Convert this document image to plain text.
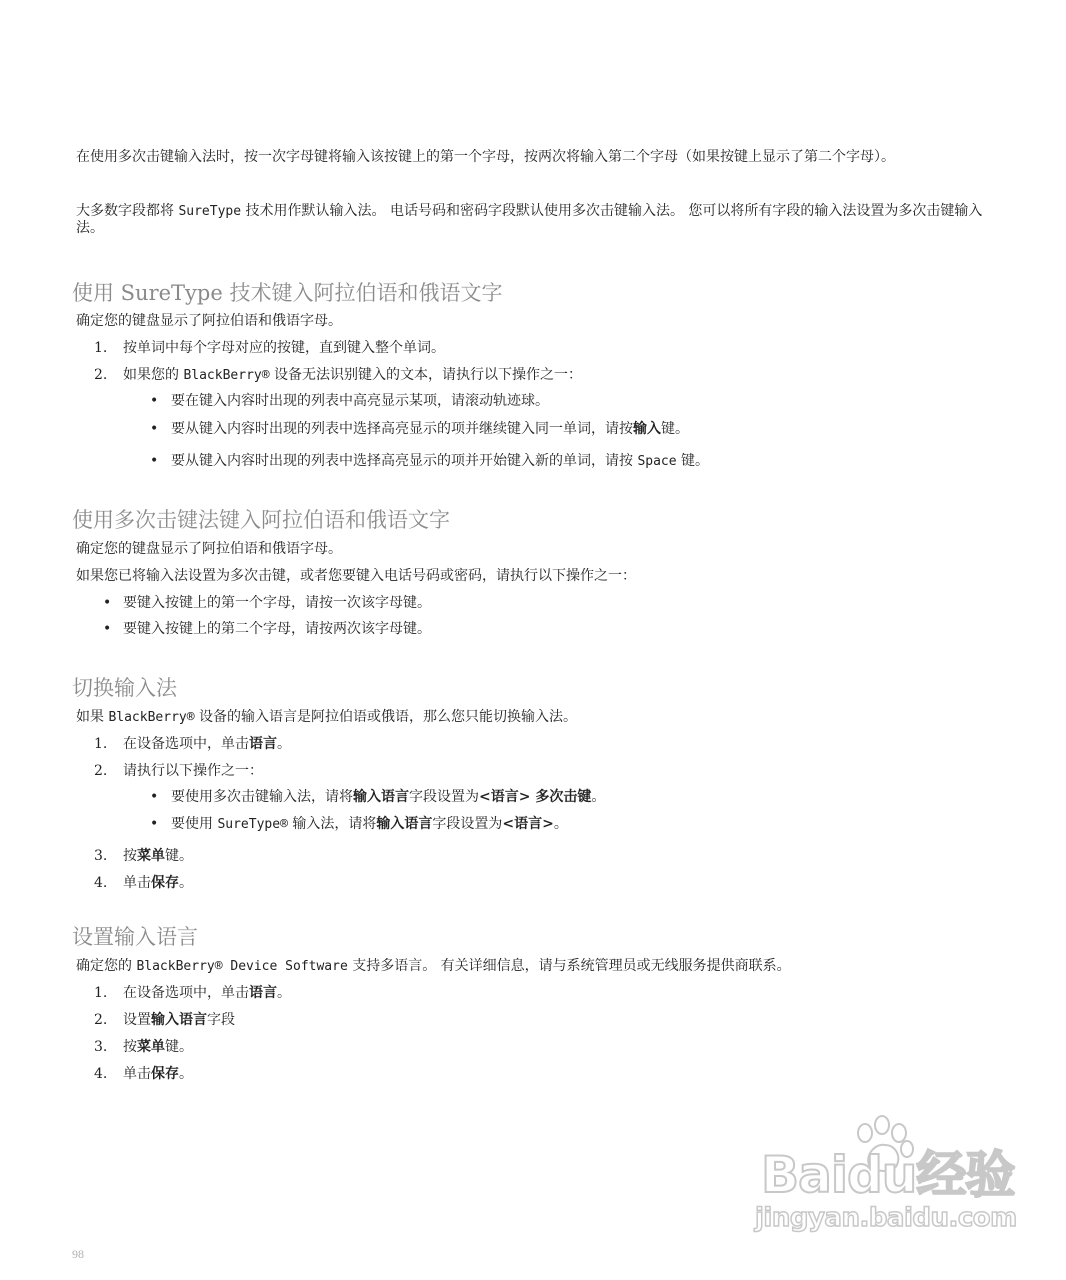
在使用多次击键输入法时，按一次字母键将输入该按键上的第一个字母，按两次将输入第二个字母（如果按键上显示了第二个字母）。

大多数字段都将 SureType 技术用作默认输入法。 电话号码和密码字段默认使用多次击键输入法。 您可以将所有字段的输入法设置为多次击键输入法。

使用 SureType 技术键入阿拉伯语和俄语文字

确定您的键盘显示了阿拉伯语和俄语字母。

1.	按单词中每个字母对应的按键，直到键入整个单词。
2.	如果您的 BlackBerry® 设备无法识别键入的文本，请执行以下操作之一：
• 要在键入内容时出现的列表中高亮显示某项，请滚动轨迹球。
• 要从键入内容时出现的列表中选择高亮显示的项并继续键入同一单词，请按输入键。
• 要从键入内容时出现的列表中选择高亮显示的项并开始键入新的单词，请按 Space 键。
使用多次击键法键入阿拉伯语和俄语文字

确定您的键盘显示了阿拉伯语和俄语字母。

如果您已将输入法设置为多次击键，或者您要键入电话号码或密码，请执行以下操作之一：

• 要键入按键上的第一个字母，请按一次该字母键。
• 要键入按键上的第二个字母，请按两次该字母键。
切换输入法

如果 BlackBerry® 设备的输入语言是阿拉伯语或俄语，那么您只能切换输入法。

1.	在设备选项中，单击语言。
2.	请执行以下操作之一：
• 要使用多次击键输入法，请将输入语言字段设置为<语言> 多次击键。
• 要使用 SureType® 输入法，请将输入语言字段设置为<语言>。
3.	按菜单键。
4.	单击保存。
设置输入语言

确定您的 BlackBerry® Device Software 支持多语言。 有关详细信息，请与系统管理员或无线服务提供商联系。

1.	在设备选项中，单击语言。
2.	设置输入语言字段
3.	按菜单键。
4.	单击保存。
Baidu经验
jingyan.baidu.com
98
